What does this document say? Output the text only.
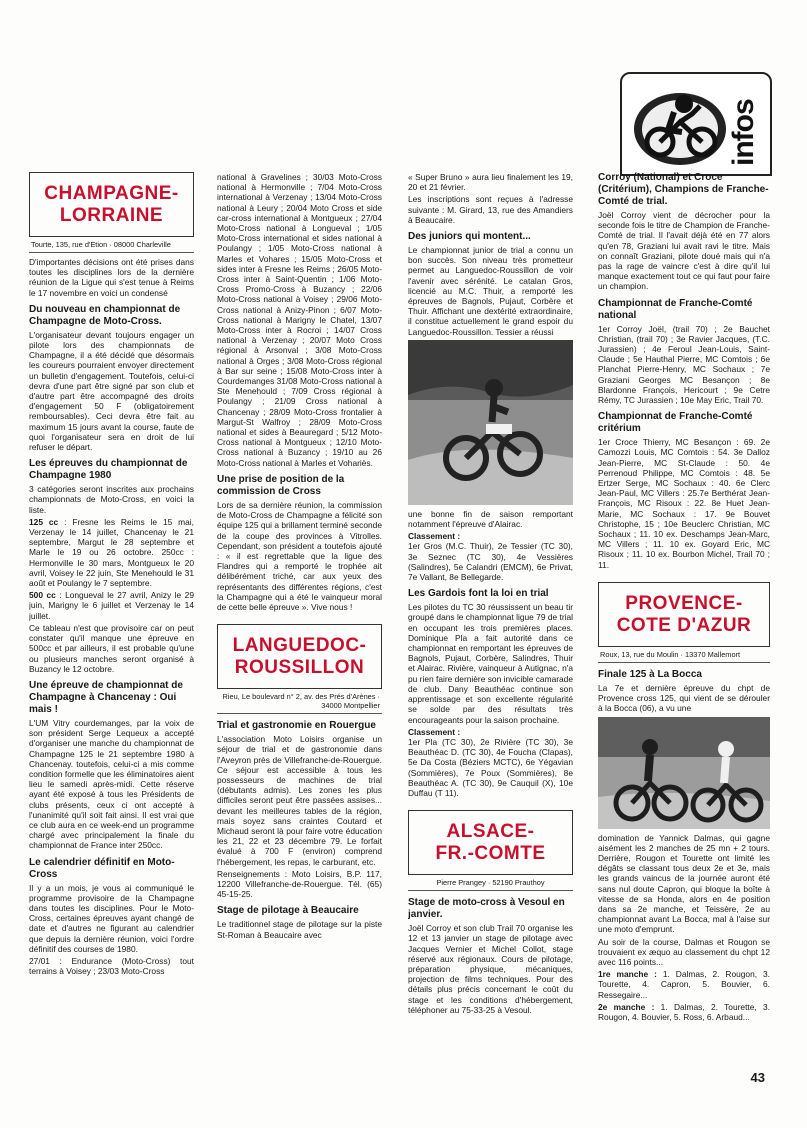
infos
CHAMPAGNE-
LORRAINE
Tourte, 135, rue d'Etion · 08000 Charleville

D'importantes décisions ont été prises dans toutes les disciplines lors de la dernière réunion de la Ligue qui s'est tenue à Reims le 17 novembre en voici un condensé

Du nouveau en championnat de Champagne de Moto-Cross.

L'organisateur devant toujours engager un pilote lors des championnats de Champagne, il a été décidé que désormais les coureurs pourraient envoyer directement un bulletin d'engagement. Toutefois, celui-ci devra d'une part être signé par son club et d'autre part être accompagné des droits d'engagement 50 F (obligatoirement remboursables). Ceci devra être fait au maximum 15 jours avant la course, faute de quoi l'organisateur sera en droit de lui refuser le départ.

Les épreuves du championnat de Champagne 1980

3 catégories seront inscrites aux prochains championnats de Moto-Cross, en voici la liste.

125 cc : Fresne les Reims le 15 mai, Verzenay le 14 juillet, Chancenay le 21 septembre, Margut le 28 septembre et Marle le 19 ou 26 octobre. 250cc : Hermonville le 30 mars, Montgueux le 20 avril, Voisey le 22 juin, Ste Menehould le 31 août et Poulangy le 7 septembre.

500 cc : Longueval le 27 avril, Anizy le 29 juin, Marigny le 6 juillet et Verzenay le 14 juillet.

Ce tableau n'est que provisoire car on peut constater qu'il manque une épreuve en 500cc et par ailleurs, il est probable qu'une ou plusieurs manches seront organisé à Buzancy le 12 octobre.

Une épreuve de championnat de Champagne à Chancenay : Oui mais !

L'UM Vitry courdemanges, par la voix de son président Serge Lequeux a accepté d'organiser une manche du championnat de Champagne 125 le 21 septembre 1980 à Chancenay. toutefois, celui-ci a mis comme condition formelle que les éliminatoires aient lieu le samedi après-midi. Cette réserve ayant été exposé à tous les Présidents de clubs présents, ceux ci ont accepté à l'unanimité qu'il soit fait ainsi. Il est vrai que ce club aura en ce week-end un programme chargé avec principalement la finale du championnat de France inter 250cc.

Le calendrier définitif en Moto-Cross

Il y a un mois, je vous ai communiqué le programme provisoire de la Champagne dans toutes les disciplines. Pour le Moto-Cross, certaines épreuves ayant changé de date et d'autres ne figurant au calendrier que depuis la dernière réunion, voici l'ordre définitif des courses de 1980.

27/01 : Endurance (Moto-Cross) tout terrains à Voisey ; 23/03 Moto-Cross

national à Gravelines ; 30/03 Moto-Cross national à Hermonville ; 7/04 Moto-Cross international à Verzenay ; 13/04 Moto-Cross national à Leury ; 20/04 Moto Cross et side car-cross international à Montgueux ; 27/04 Moto-Cross national à Longueval ; 1/05 Moto-Cross international et sides national à Poulangy ; 1/05 Moto-Cross national à Marles et Vohares ; 15/05 Moto-Cross et sides inter à Fresne les Reims ; 26/05 Moto-Cross inter à Saint-Quentin ; 1/06 Moto-Cross Promo-Cross à Buzancy ; 22/06 Moto-Cross national à Voisey ; 29/06 Moto-Cross national à Anizy-Pinon ; 6/07 Moto-Cross national à Marigny le Chatel, 13/07 Moto-Cross inter à Rocroi ; 14/07 Cross national à Verzenay ; 20/07 Moto Cross régional à Arsonval ; 3/08 Moto-Cross national à Orges ; 3/08 Moto-Cross régional à Bar sur seine ; 15/08 Moto-Cross inter à Courdemanges 31/08 Moto-Cross national à Ste Menehould ; 7/09 Cross régional à Poulangy ; 21/09 Cross national à Chancenay ; 28/09 Moto-Cross frontalier à Margut-St Walfroy ; 28/09 Moto-Cross national et sides à Beauregard ; 5/12 Moto-Cross national à Montgueux ; 12/10 Moto-Cross national à Buzancy ; 19/10 au 26 Moto-Cross national à Marles et Vohariès.

Une prise de position de la commission de Cross

Lors de sa dernière réunion, la commission de Moto-Cross de Champagne a félicité son équipe 125 qui a brillament terminé seconde de la coupe des provinces à Vitrolles. Cependant, son président a toutefois ajouté : « il est regrettable que la ligue des Flandres qui a remporté le trophée ait délibérément triché, car aux yeux des représentants des différentes régions, c'est la Champagne qui a été le vainqueur moral de cette belle épreuve ». Vive nous !

LANGUEDOC-
ROUSSILLON
Rieu, Le boulevard n° 2, av. des Prés d'Arènes · 34000 Montpellier
Trial et gastronomie en Rouergue

L'association Moto Loisirs organise un séjour de trial et de gastronomie dans l'Aveyron près de Villefranche-de-Rouergue. Ce séjour est accessible à tous les possesseurs de machines de trial (débutants admis). Les zones les plus difficiles seront peut être passées assises... devant les meilleures tables de la région, mais soyez sans craintes Coutard et Michaud seront là pour faire votre éducation les 21, 22 et 23 décembre 79. Le forfait évalué à 700 F (environ) comprend l'hébergement, les repas, le carburant, etc.

Renseignements : Moto Loisirs, B.P. 117, 12200 Villefranche-de-Rouergue. Tél. (65) 45-15-25.

Stage de pilotage à Beaucaire

Le traditionnel stage de pilotage sur la piste St-Roman à Beaucaire avec

« Super Bruno » aura lieu finalement les 19, 20 et 21 février.

Les inscriptions sont reçues à l'adresse suivante : M. Girard, 13, rue des Amandiers à Beaucaire.

Des juniors qui montent...

Le championnat junior de trial a connu un bon succès. Son niveau très prometteur permet au Languedoc-Roussillon de voir l'avenir avec sérénité. Le catalan Gros, licencié au M.C. Thuir, a remporté les épreuves de Bagnols, Pujaut, Corbère et Thuir. Affichant une dextérité extraordinaire, il constitue actuellement le grand espoir du Languedoc-Roussillon. Tessier a réussi

une bonne fin de saison remportant notamment l'épreuve d'Alairac.

Classement :

1er Gros (M.C. Thuir), 2e Tessier (TC 30), 3e Seznec (TC 30), 4e Vessières (Salindres), 5e Calandri (EMCM), 6e Privat, 7e Vallant, 8e Bellegarde.

Les Gardois font la loi en trial

Les pilotes du TC 30 réussissent un beau tir groupé dans le championnat ligue 79 de trial en occupant les trois premières places. Dominique Pla a fait autorité dans ce championnat en remportant les épreuves de Bagnols, Pujaut, Corbère, Salindres, Thuir et Alairac. Rivière, vainqueur à Autignac, n'a pu rien faire dernière son invicible camarade de club. Dany Beauthéac continue son apprentissage et son excellente régularité se solde par des résultats très encourageants pour la saison prochaine.

Classement :

1er Pla (TC 30), 2e Rivière (TC 30), 3e Beauthéac D. (TC 30), 4e Foucha (Clapas), 5e Da Costa (Béziers MCTC), 6e Yégavian (Sommières), 7e Poux (Sommières), 8e Beauthéac A. (TC 30), 9e Cauquil (X), 10e Duffau (T 11).

ALSACE-
FR.-COMTE
Pierre Prangey · 52190 Prauthoy
Stage de moto-cross à Vesoul en janvier.

Joël Corroy et son club Trail 70 organise les 12 et 13 janvier un stage de pilotage avec Jacques Vernier et Michel Collot, stage réservé aux régionaux. Cours de pilotage, préparation physique, mécaniques, projection de films techniques. Pour des détails plus précis concernant le coût du stage et les conditions d'hébergement, téléphoner au 75-33-25 à Vesoul.

Corroy (National) et Croce (Critérium), Champions de Franche-Comté de trial.

Joël Corroy vient de décrocher pour la seconde fois le titre de Champion de Franche-Comté de trial. Il l'avait déjà été en 77 alors qu'en 78, Graziani lui avait ravi le titre. Mais on connaît Graziani, pilote doué mais qui n'a pas la rage de vaincre c'est à dire qu'il lui manque exactement tout ce qui faut pour faire un champion.

Championnat de Franche-Comté national

1er Corroy Joël, (trail 70) ; 2e Bauchet Christian, (trail 70) ; 3e Ravier Jacques, (T.C. Jurassien) ; 4e Feroul Jean-Louis, Saint-Claude ; 5e Hauthal Pierre, MC Comtois ; 6e Planchat Pierre-Henry, MC Sochaux ; 7e Graziani Georges MC Besançon ; 8e Blardonne François, Hericourt ; 9e Cetre Rémy, TC Jurassien ; 10e May Eric, Trail 70.

Championnat de Franche-Comté critérium

1er Croce Thierry, MC Besançon : 69. 2e Camozzi Louis, MC Comtois : 54. 3e Dalloz Jean-Pierre, MC St-Claude : 50. 4e Perrenoud Philippe, MC Comtois : 48. 5e Ertzer Serge, MC Sochaux : 40. 6e Clerc Jean-Paul, MC Villers : 25.7e Berthérat Jean-François, MC Risoux : 22. 8e Huet Jean-Marie, MC Sochaux : 17. 9e Bouvet Christophe, 15 ; 10e Beuclerc Christian, MC Sochaux ; 11. 10 ex. Deschamps Jean-Marc, MC Villers ; 11. 10 ex. Goyard Eric, MC Risoux ; 11. 10 ex. Bourbon Michel, Trail 70 ; 11.

PROVENCE-
COTE D'AZUR
Roux, 13, rue du Moulin · 13370 Mallemort
Finale 125 à La Bocca

La 7e et dernière épreuve du chpt de Provence cross 125, qui vient de se dérouler à la Bocca (06), a vu une

domination de Yannick Dalmas, qui gagne aisément les 2 manches de 25 mn + 2 tours. Derrière, Rougon et Tourette ont limité les dégâts se classant tous deux 2e et 3e, mais les grands vaincus de la journée auront été sans nul doute Capron, qui bloque la boîte à vitesse de sa Honda, alors en 4e position dans sa 2e manche, et Teissère, 2e au championnat avant La Bocca, mal à l'aise sur une moto d'emprunt.

Au soir de la course, Dalmas et Rougon se trouvaient ex æquo au classement du chpt 12 avec 116 points...

1re manche : 1. Dalmas, 2. Rougon, 3. Tourette, 4. Capron, 5. Bouvier, 6. Ressegaire...

2e manche : 1. Dalmas, 2. Tourette, 3. Rougon, 4. Bouvier, 5. Ross, 6. Arbaud...

43
